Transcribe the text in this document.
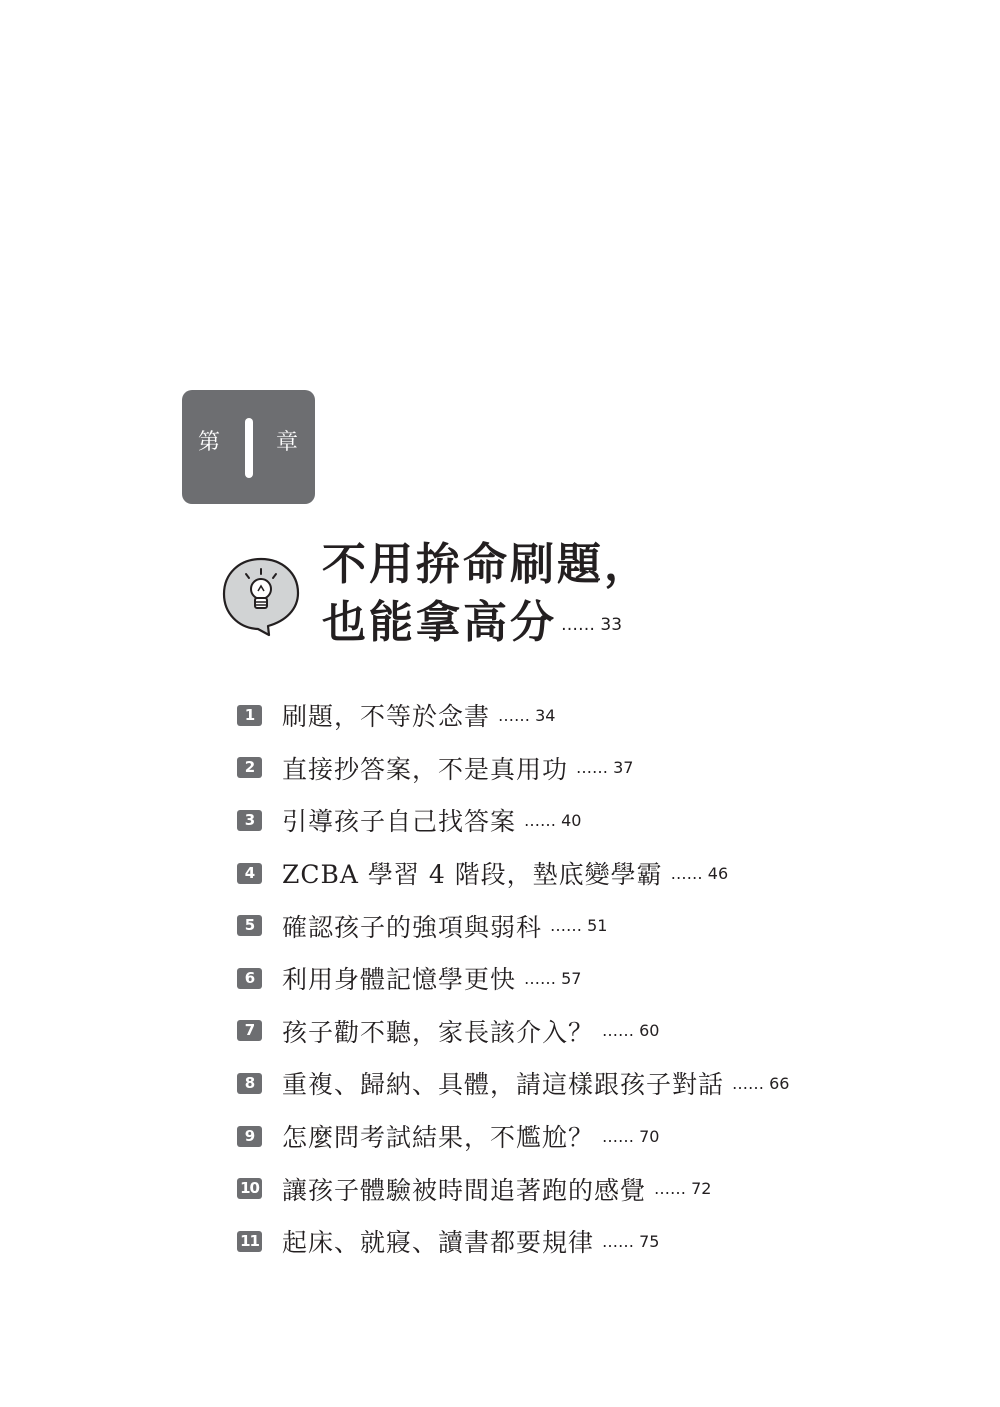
第	章
不用拚命刷題，
也能拿高分 …… 33
1	刷題，不等於念書 …… 34
2	直接抄答案，不是真用功 …… 37
3	引導孩子自己找答案 …… 40
4	ZCBA 學習 4 階段，墊底變學霸 …… 46
5	確認孩子的強項與弱科 …… 51
6	利用身體記憶學更快 …… 57
7	孩子勸不聽，家長該介入？ …… 60
8	重複、歸納、具體，請這樣跟孩子對話 …… 66
9	怎麼問考試結果，不尷尬？ …… 70
10 讓孩子體驗被時間追著跑的感覺 …… 72
11 起床、就寢、讀書都要規律 …… 75
